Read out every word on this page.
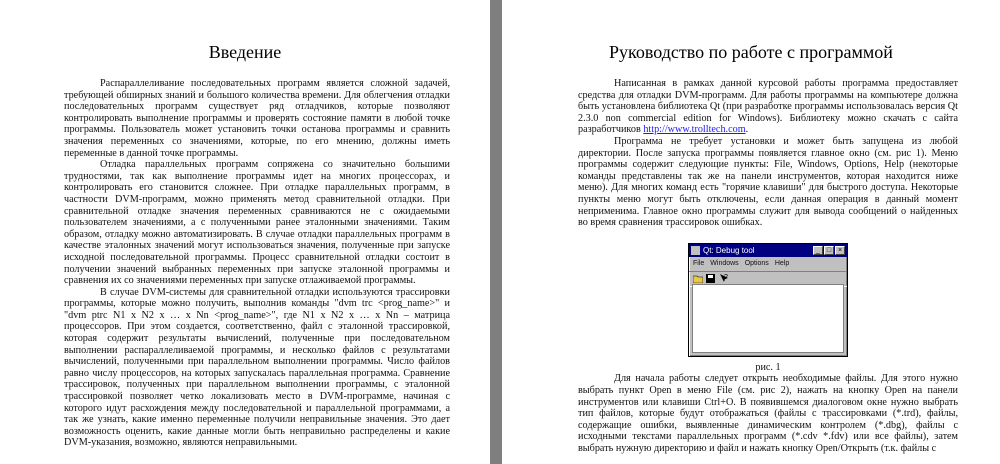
Введение

Распараллеливание последовательных программ является сложной задачей, требующей обширных знаний и большого количества времени. Для облегчения отладки последовательных программ существует ряд отладчиков, которые позволяют контролировать выполнение программы и проверять состояние памяти в любой точке программы. Пользователь может установить точки останова программы и сравнить значения переменных со значениями, которые, по его мнению, должны иметь переменные в данной точке программы.

Отладка параллельных программ сопряжена со значительно большими трудностями, так как выполнение программы идет на многих процессорах, и контролировать его становится сложнее. При отладке параллельных программ, в частности DVM-программ, можно применять метод сравнительной отладки. При сравнительной отладке значения переменных сравниваются не с ожидаемыми пользователем значениями, а с полученными ранее эталонными значениями. Таким образом, отладку можно автоматизировать. В случае отладки параллельных программ в качестве эталонных значений могут использоваться значения, полученные при запуске исходной последовательной программы. Процесс сравнительной отладки состоит в получении значений выбранных переменных при запуске эталонной программы и сравнения их со значениями переменных при запуске отлаживаемой программы.

В случае DVM-системы для сравнительной отладки используются трассировки программы, которые можно получить, выполнив команды "dvm trc <prog_name>" и "dvm ptrc N1 x N2 x … x Nn <prog_name>", где N1 x N2 x … x Nn – матрица процессоров. При этом создается, соответственно, файл с эталонной трассировкой, которая содержит результаты вычислений, полученные при последовательном выполнении распараллеливаемой программы, и несколько файлов с результатами вычислений, полученными при параллельном выполнении программы. Число файлов равно числу процессоров, на которых запускалась параллельная программа. Сравнение трассировок, полученных при параллельном выполнении программы, с эталонной трассировкой позволяет четко локализовать место в DVM-программе, начиная с которого идут расхождения между последовательной и параллельной программами, а так же узнать, какие именно переменные получили неправильные значения. Это дает возможность оценить, какие данные могли быть неправильно распределены и какие DVM-указания, возможно, являются неправильными.

Руководство по работе с программой

Написанная в рамках данной курсовой работы программа предоставляет средства для отладки DVM-программ. Для работы программы на компьютере должна быть установлена библиотека Qt (при разработке программы использовалась версия Qt 2.3.0 non commercial edition for Windows). Библиотеку можно скачать с сайта разработчиков http://www.trolltech.com.

Программа не требует установки и может быть запущена из любой директории. После запуска программы появляется главное окно (см. рис 1). Меню программы содержит следующие пункты: File, Windows, Options, Help (некоторые команды представлены так же на панели инструментов, которая находится ниже меню). Для многих команд есть "горячие клавиши" для быстрого доступа. Некоторые пункты меню могут быть отключены, если данная операция в данный момент неприменима. Главное окно программы служит для вывода сообщений о найденных во время сравнения трассировок ошибках.

Qt: Debug tool	_ □ ×
File Windows Options Help
?
рис. 1

Для начала работы следует открыть необходимые файлы. Для этого нужно выбрать пункт Open в меню File (см. рис 2), нажать на кнопку Open на панели инструментов или клавиши Ctrl+O. В появившемся диалоговом окне нужно выбрать тип файлов, которые будут отображаться (файлы с трассировками (*.trd), файлы, содержащие ошибки, выявленные динамическим контролем (*.dbg), файлы с исходными текстами параллельных программ (*.cdv *.fdv) или все файлы), затем выбрать нужную директорию и файл и нажать кнопку Open/Открыть (т.к. файлы с
